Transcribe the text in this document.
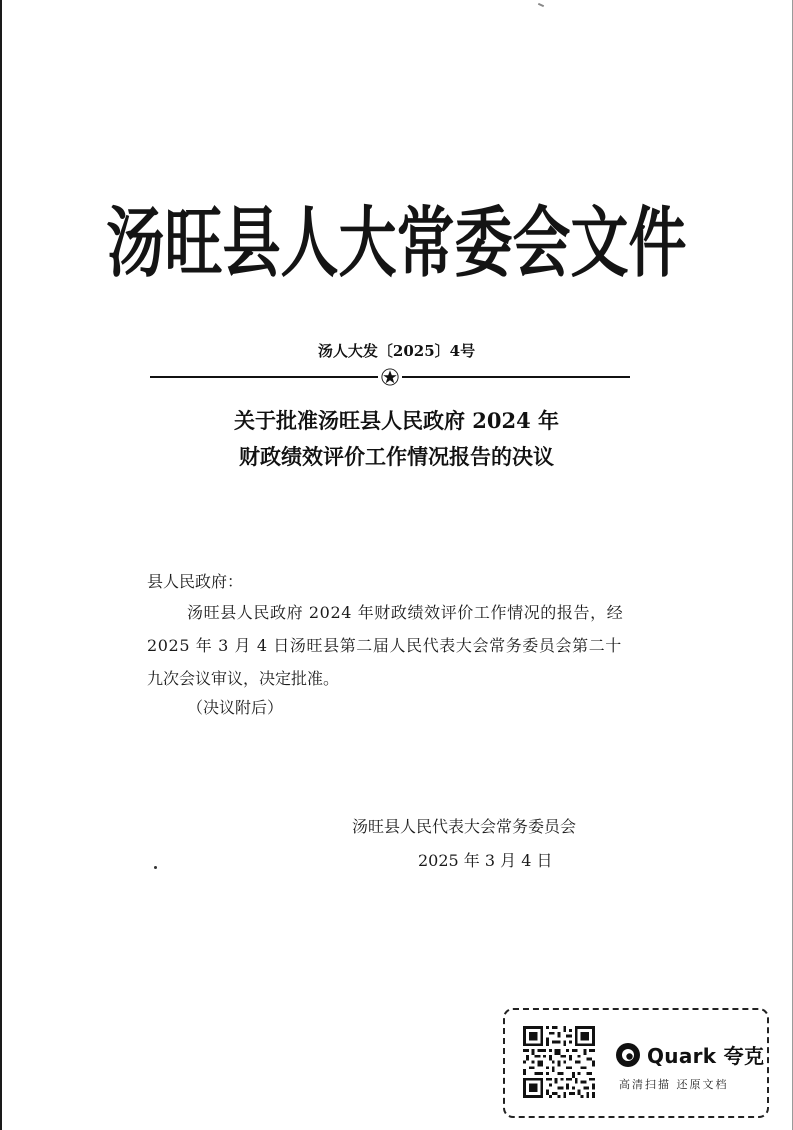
汤旺县人大常委会文件
汤人大发〔2025〕4号
关于批准汤旺县人民政府 2024 年
财政绩效评价工作情况报告的决议
县人民政府：
汤旺县人民政府 2024 年财政绩效评价工作情况的报告，经
2025 年 3 月 4 日汤旺县第二届人民代表大会常务委员会第二十
九次会议审议，决定批准。
（决议附后）
汤旺县人民代表大会常务委员会
2025 年 3 月 4 日
Quark 夸克
高清扫描 还原文档
